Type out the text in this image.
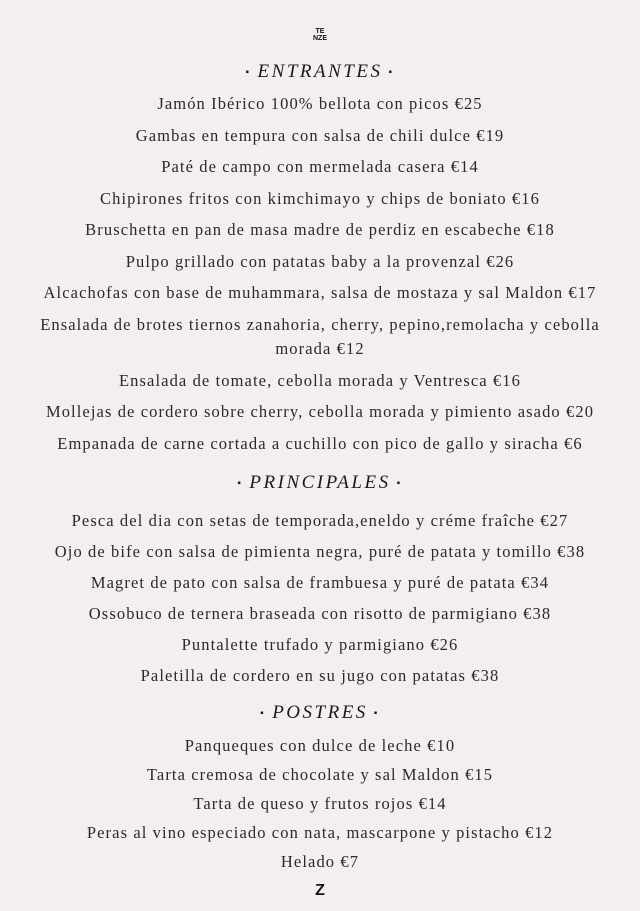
TE
NZE
▪ ENTRANTES ▪
Jamón Ibérico 100% bellota con picos €25
Gambas en tempura con salsa de chili dulce €19
Paté de campo con mermelada casera €14
Chipirones fritos con kimchimayo y chips de boniato €16
Bruschetta en pan de masa madre de perdiz en escabeche €18
Pulpo grillado con patatas baby a la provenzal €26
Alcachofas con base de muhammara, salsa de mostaza y sal Maldon €17
Ensalada de brotes tiernos zanahoria, cherry, pepino,remolacha y cebolla morada €12
Ensalada de tomate, cebolla morada y Ventresca €16
Mollejas de cordero sobre cherry, cebolla morada y pimiento asado €20
Empanada de carne cortada a cuchillo con pico de gallo y siracha €6
▪ PRINCIPALES ▪
Pesca del dia con setas de temporada,eneldo y créme fraîche €27
Ojo de bife con salsa de pimienta negra, puré de patata y tomillo €38
Magret de pato con salsa de frambuesa y puré de patata €34
Ossobuco de ternera braseada con risotto de parmigiano €38
Puntalette trufado y parmigiano €26
Paletilla de cordero en su jugo con patatas €38
▪ POSTRES ▪
Panqueques con dulce de leche €10
Tarta cremosa de chocolate y sal Maldon €15
Tarta de queso y frutos rojos €14
Peras al vino especiado con nata, mascarpone y pistacho €12
Helado €7
Z
